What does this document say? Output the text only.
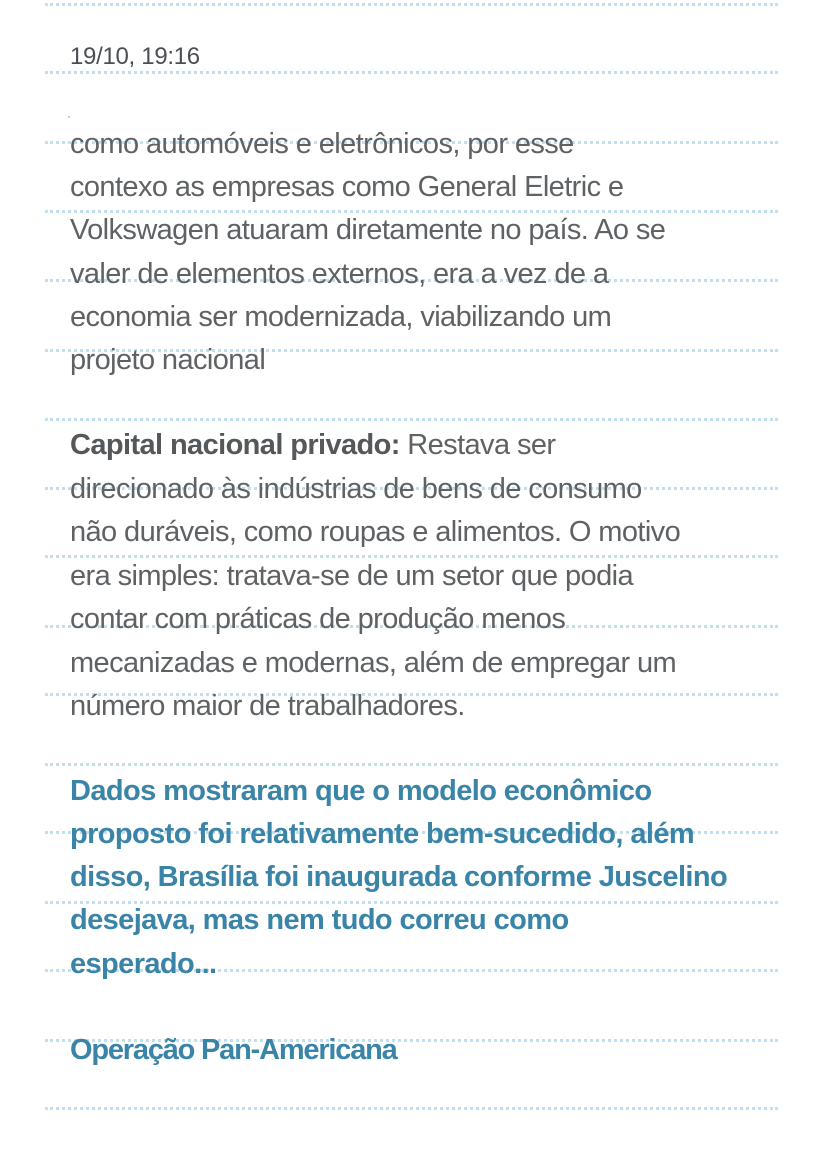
19/10, 19:16
como automóveis e eletrônicos, por esse
contexo as empresas como General Eletric e
Volkswagen atuaram diretamente no país. Ao se
valer de elementos externos, era a vez de a
economia ser modernizada, viabilizando um
projeto nacional
Capital nacional privado: Restava ser
direcionado às indústrias de bens de consumo
não duráveis, como roupas e alimentos. O motivo
era simples: tratava-se de um setor que podia
contar com práticas de produção menos
mecanizadas e modernas, além de empregar um
número maior de trabalhadores.
Dados mostraram que o modelo econômico
proposto foi relativamente bem-sucedido, além
disso, Brasília foi inaugurada conforme Juscelino
desejava, mas nem tudo correu como
esperado...
Operação Pan-Americana
